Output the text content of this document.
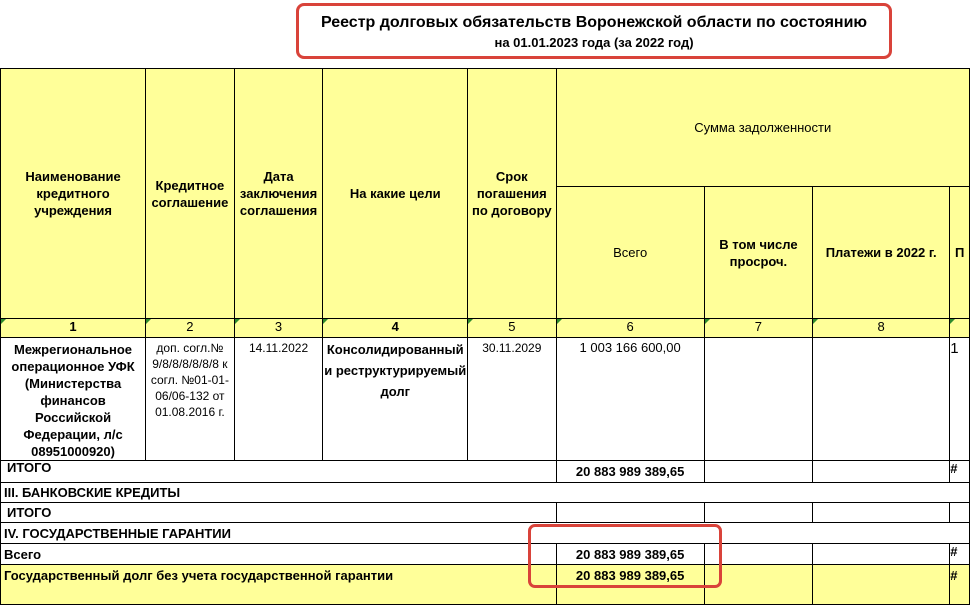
Реестр долговых обязательств Воронежской области по состоянию
на 01.01.2023 года (за 2022 год)
Наименование кредитного учреждения	Кредитное соглашение	Дата заключения соглашения	На какие цели	Срок погашения по договору	Сумма задолженности			
					Всего	В том числе просроч.	Платежи в 2022 г.	П
1	2	3	4	5	6	7	8	
Межрегиональное операционное УФК (Министерства финансов Российской Федерации, л/с 08951000920)	доп. согл.№ 9/8/8/8/8/8/8 к согл. №01-01-06/06-132 от 01.08.2016 г.	14.11.2022	Консолидированный и реструктурируемый долг	30.11.2029	1 003 166 600,00			1
ИТОГО					20 883 989 389,65			#
III. БАНКОВСКИЕ КРЕДИТЫ								
ИТОГО								
IV. ГОСУДАРСТВЕННЫЕ ГАРАНТИИ								
Всего					20 883 989 389,65			#
Государственный долг без учета государственной гарантии					20 883 989 389,65			#
